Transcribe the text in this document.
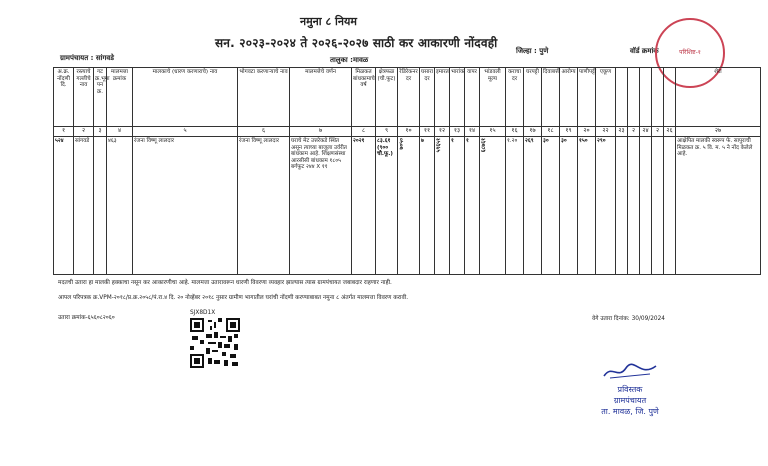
नमुना ८ नियम
सन. २०२३-२०२४ ते २०२६-२०२७ साठी कर आकारणी नोंदवही
ग्रामपंचायत : सांगवडे	तालुका :मावळ
जिल्हा : पुणे	वॉर्ड क्रमांक	परिशिष्ट-१
अ.क्र. नोंदणी दि.	रस्त्याचे गल्लीचे नाव	गट क्र.भूमा पन क्र.	मालमत्ता क्रमांक	मालकाचे (धारण करणाराचे) नाव	भोगवटा करणाऱ्याचे नाव	मालमत्तेचे वर्णन	मिळकत बांधकामाचे वर्ष	क्षेत्रफळ (चौ.फूट)	रेडिरेकनर दर	घसारा दर	इमारत	भारांक	वापर	भांडवली मूल्य	कराचा दर	घरपट्टी	दिवाबत्ती	आरोग्य	पाणीपट्टी	एकूण						शेरा
१	२	३	४	५	६	७	८	९	१०	११	१२	१३	१४	१५	१६	१७	१८	१९	२०	२२	२३	२	२४	२	२६	२७
५२४	सांगवडे		४६३	रंजना विष्णू लालदार	रंजना विष्णू लालदार	घराचे मेट उत्तरेकडे स्थित असून त्याच्या बाजूला उर्वरीत बांधकाम आहे. शिक्षणसंस्था आरसीसी बांधकाम १८०५ बर्गफूट २४४ X ११	२०२१	८३.६१ (९०० चौ.फू.)	७०५०	७	५९६५१	१	१	६८७६१	१.२०	२६९	३०	३०	१५०	२९०						आक्षेपित मालकी स्वरूप फे. सापुराची मिळकत क्र. ५ वि. म. ५ ने नोंद केलेले आहे.
मदतची उतारा हा मालकी हक्काचा नसून कर आकारणीचा आहे. मालमत्ता उतारावरून धारणी विवरणा व्यवहार झाल्यास त्यास ग्रामपंचायत जबाबदार राहणार नाही.
आपल परिपत्रक क्र.VPM-२०१८/प्र.क्र.२०५८/पं.रा.४ दि. २० नोव्हेंबर २०१८ नुसार ग्रामीण भागातील घरांची नोंदणी करण्याबाबत नमुना ८ अंतर्गत मालमत्ता विवरण करावी.
उतारा क्रमांक-६५६०८२०६०
SJX8D1X
वेगे उतारा दिनांक: 30/09/2024
प्रविस्तक
ग्रामपंचायत
ता. मावळ, जि. पुणे
